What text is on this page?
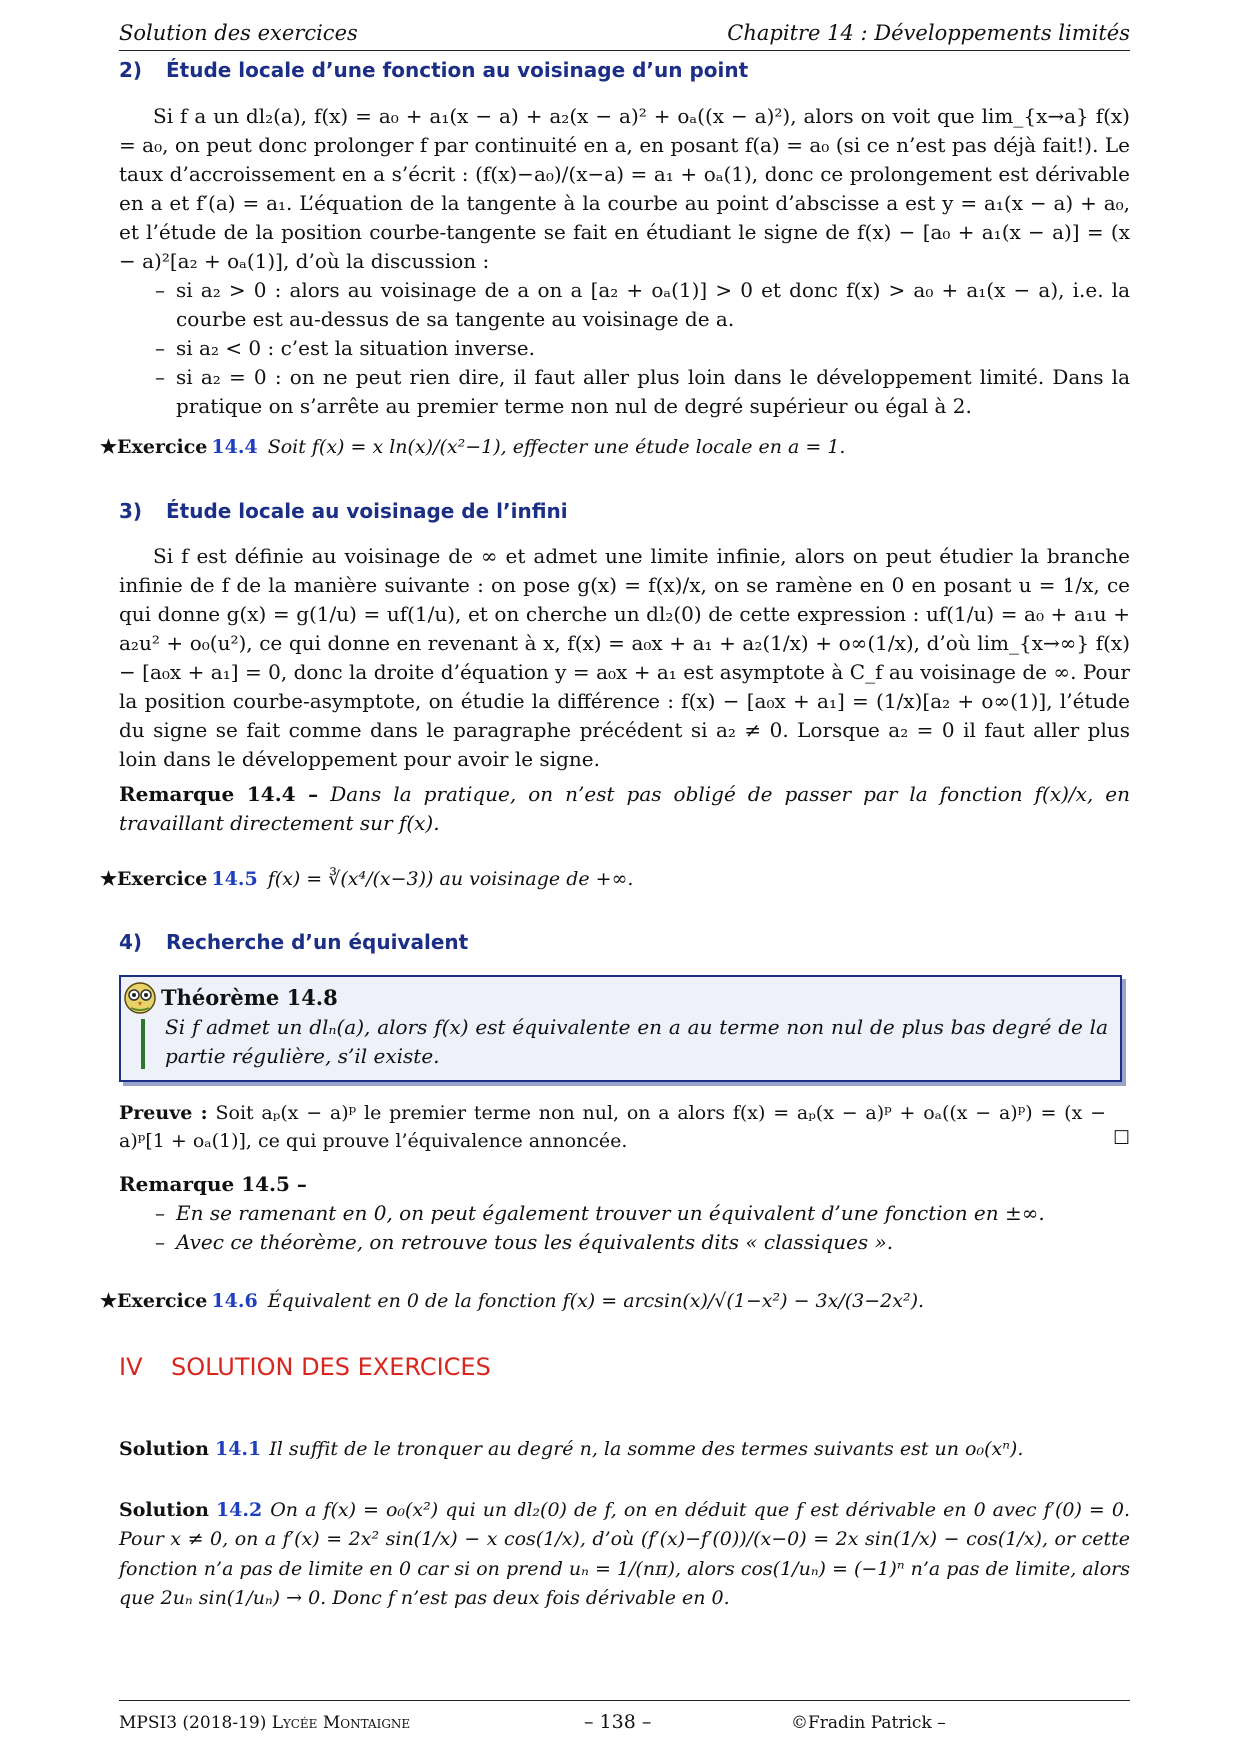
Solution des exercices	Chapitre 14 : Développements limités
2) Étude locale d’une fonction au voisinage d’un point

Si f a un dl₂(a), f(x) = a₀ + a₁(x − a) + a₂(x − a)² + oₐ((x − a)²), alors on voit que lim_{x→a} f(x) = a₀, on peut donc prolonger f par continuité en a, en posant f(a) = a₀ (si ce n’est pas déjà fait!). Le taux d’accroissement en a s’écrit : (f(x)−a₀)/(x−a) = a₁ + oₐ(1), donc ce prolongement est dérivable en a et f′(a) = a₁. L’équation de la tangente à la courbe au point d’abscisse a est y = a₁(x − a) + a₀, et l’étude de la position courbe-tangente se fait en étudiant le signe de f(x) − [a₀ + a₁(x − a)] = (x − a)²[a₂ + oₐ(1)], d’où la discussion :

– si a₂ > 0 : alors au voisinage de a on a [a₂ + oₐ(1)] > 0 et donc f(x) > a₀ + a₁(x − a), i.e. la courbe est au-dessus de sa tangente au voisinage de a.
– si a₂ < 0 : c’est la situation inverse.
– si a₂ = 0 : on ne peut rien dire, il faut aller plus loin dans le développement limité. Dans la pratique on s’arrête au premier terme non nul de degré supérieur ou égal à 2.
★Exercice 14.4 Soit f(x) = x ln(x)/(x²−1), effecter une étude locale en a = 1.
3) Étude locale au voisinage de l’infini

Si f est définie au voisinage de ∞ et admet une limite infinie, alors on peut étudier la branche infinie de f de la manière suivante : on pose g(x) = f(x)/x, on se ramène en 0 en posant u = 1/x, ce qui donne g(x) = g(1/u) = uf(1/u), et on cherche un dl₂(0) de cette expression : uf(1/u) = a₀ + a₁u + a₂u² + o₀(u²), ce qui donne en revenant à x, f(x) = a₀x + a₁ + a₂(1/x) + o∞(1/x), d’où lim_{x→∞} f(x) − [a₀x + a₁] = 0, donc la droite d’équation y = a₀x + a₁ est asymptote à C_f au voisinage de ∞. Pour la position courbe-asymptote, on étudie la différence : f(x) − [a₀x + a₁] = (1/x)[a₂ + o∞(1)], l’étude du signe se fait comme dans le paragraphe précédent si a₂ ≠ 0. Lorsque a₂ = 0 il faut aller plus loin dans le développement pour avoir le signe.

Remarque 14.4 – Dans la pratique, on n’est pas obligé de passer par la fonction f(x)/x, en travaillant directement sur f(x).

★Exercice 14.5 f(x) = ∛(x⁴/(x−3)) au voisinage de +∞.
4) Recherche d’un équivalent
Théorème 14.8
Si f admet un dlₙ(a), alors f(x) est équivalente en a au terme non nul de plus bas degré de la partie régulière, s’il existe.

Preuve : Soit aₚ(x − a)ᵖ le premier terme non nul, on a alors f(x) = aₚ(x − a)ᵖ + oₐ((x − a)ᵖ) = (x − a)ᵖ[1 + oₐ(1)], ce qui prouve l’équivalence annoncée.	☐

Remarque 14.5 –

– En se ramenant en 0, on peut également trouver un équivalent d’une fonction en ±∞.
– Avec ce théorème, on retrouve tous les équivalents dits « classiques ».
★Exercice 14.6 Équivalent en 0 de la fonction f(x) = arcsin(x)/√(1−x²) − 3x/(3−2x²).
IV SOLUTION DES EXERCICES
Solution 14.1 Il suffit de le tronquer au degré n, la somme des termes suivants est un o₀(xⁿ).
Solution 14.2 On a f(x) = o₀(x²) qui un dl₂(0) de f, on en déduit que f est dérivable en 0 avec f′(0) = 0. Pour x ≠ 0, on a f′(x) = 2x² sin(1/x) − x cos(1/x), d’où (f′(x)−f′(0))/(x−0) = 2x sin(1/x) − cos(1/x), or cette fonction n’a pas de limite en 0 car si on prend uₙ = 1/(nπ), alors cos(1/uₙ) = (−1)ⁿ n’a pas de limite, alors que 2uₙ sin(1/uₙ) → 0. Donc f n’est pas deux fois dérivable en 0.
MPSI3 (2018-19) Lycée Montaigne	– 138 –	©Fradin Patrick –
